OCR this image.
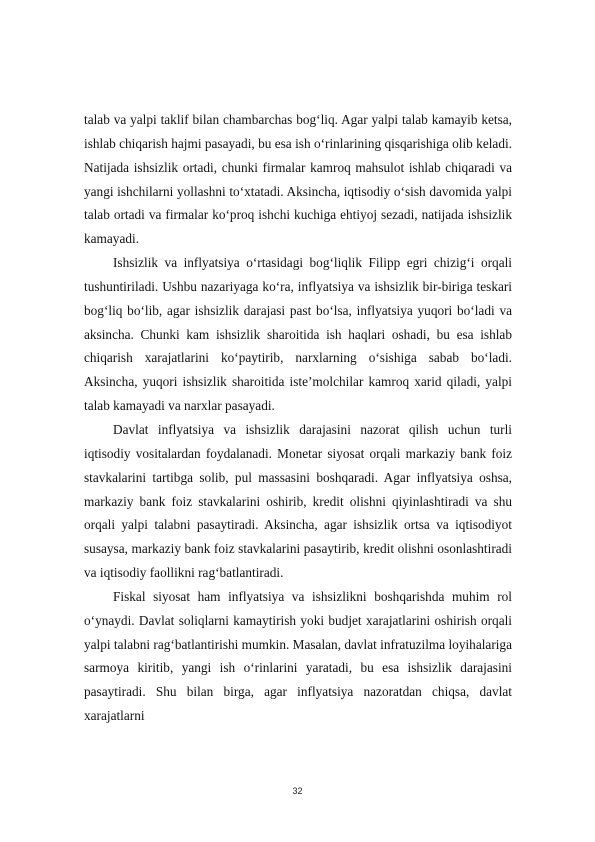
talab va yalpi taklif bilan chambarchas bog‘liq. Agar yalpi talab kamayib ketsa, ishlab chiqarish hajmi pasayadi, bu esa ish o‘rinlarining qisqarishiga olib keladi. Natijada ishsizlik ortadi, chunki firmalar kamroq mahsulot ishlab chiqaradi va yangi ishchilarni yollashni to‘xtatadi. Aksincha, iqtisodiy o‘sish davomida yalpi talab ortadi va firmalar ko‘proq ishchi kuchiga ehtiyoj sezadi, natijada ishsizlik kamayadi.

Ishsizlik va inflyatsiya o‘rtasidagi bog‘liqlik Filipp egri chizig‘i orqali tushuntiriladi. Ushbu nazariyaga ko‘ra, inflyatsiya va ishsizlik bir-biriga teskari bog‘liq bo‘lib, agar ishsizlik darajasi past bo‘lsa, inflyatsiya yuqori bo‘ladi va aksincha. Chunki kam ishsizlik sharoitida ish haqlari oshadi, bu esa ishlab chiqarish xarajatlarini ko‘paytirib, narxlarning o‘sishiga sabab bo‘ladi. Aksincha, yuqori ishsizlik sharoitida iste’molchilar kamroq xarid qiladi, yalpi talab kamayadi va narxlar pasayadi.

Davlat inflyatsiya va ishsizlik darajasini nazorat qilish uchun turli iqtisodiy vositalardan foydalanadi. Monetar siyosat orqali markaziy bank foiz stavkalarini tartibga solib, pul massasini boshqaradi. Agar inflyatsiya oshsa, markaziy bank foiz stavkalarini oshirib, kredit olishni qiyinlashtiradi va shu orqali yalpi talabni pasaytiradi. Aksincha, agar ishsizlik ortsa va iqtisodiyot susaysa, markaziy bank foiz stavkalarini pasaytirib, kredit olishni osonlashtiradi va iqtisodiy faollikni rag‘batlantiradi.

Fiskal siyosat ham inflyatsiya va ishsizlikni boshqarishda muhim rol o‘ynaydi. Davlat soliqlarni kamaytirish yoki budjet xarajatlarini oshirish orqali yalpi talabni rag‘batlantirishi mumkin. Masalan, davlat infratuzilma loyihalariga sarmoya kiritib, yangi ish o‘rinlarini yaratadi, bu esa ishsizlik darajasini pasaytiradi. Shu bilan birga, agar inflyatsiya nazoratdan chiqsa, davlat xarajatlarni

32
